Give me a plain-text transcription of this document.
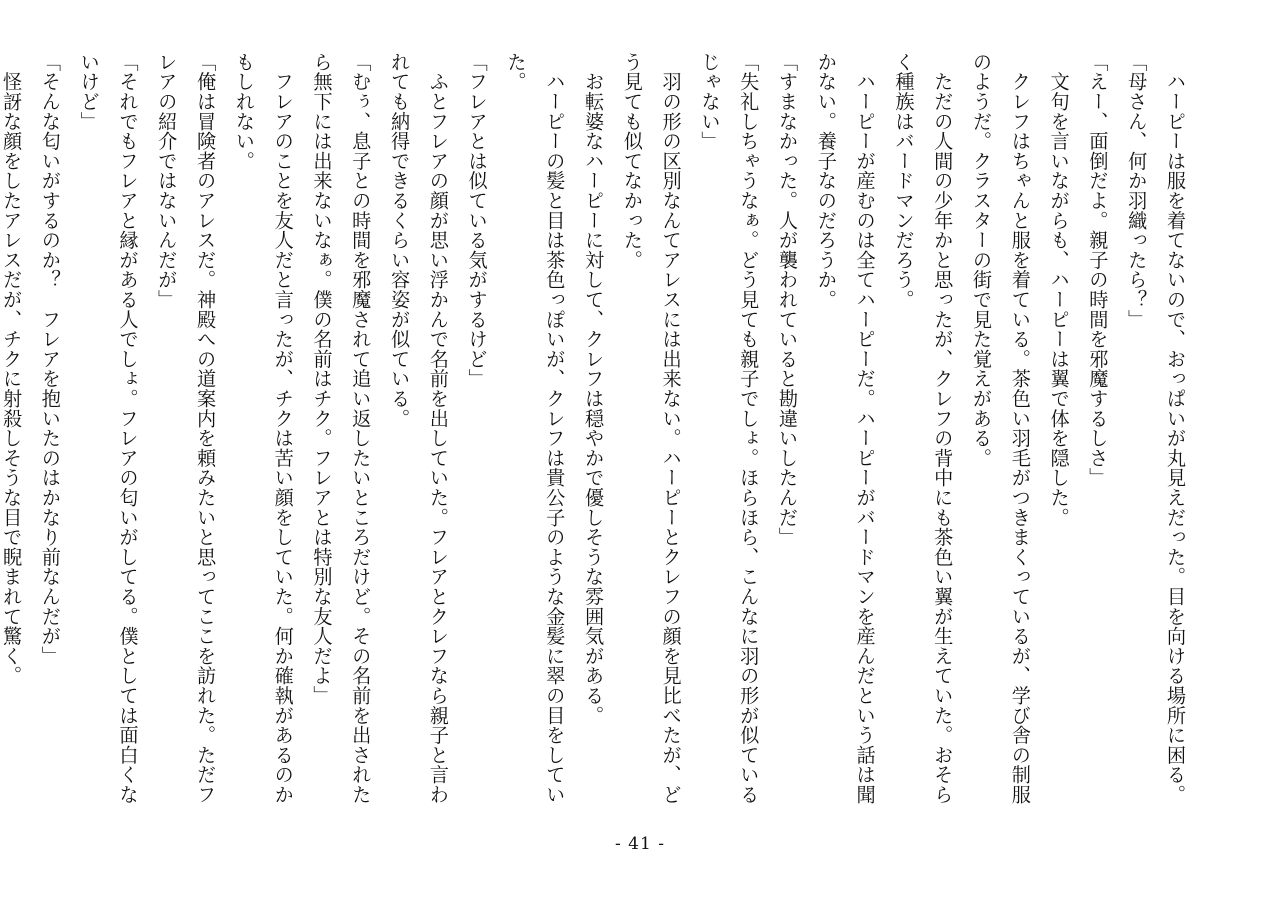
　ハーピーは服を着てないので、おっぱいが丸見えだった。目を向ける場所に困る。

「母さん、何か羽織ったら？」

「えー、面倒だよ。親子の時間を邪魔するしさ」

　文句を言いながらも、ハーピーは翼で体を隠した。

　クレフはちゃんと服を着ている。茶色い羽毛がつきまくっているが、学び舎の制服のようだ。クラスターの街で見た覚えがある。

　ただの人間の少年かと思ったが、クレフの背中にも茶色い翼が生えていた。おそらく種族はバードマンだろう。

　ハーピーが産むのは全てハーピーだ。ハーピーがバードマンを産んだという話は聞かない。養子なのだろうか。

「すまなかった。人が襲われていると勘違いしたんだ」

「失礼しちゃうなぁ。どう見ても親子でしょ。ほらほら、こんなに羽の形が似ているじゃない」

　羽の形の区別なんてアレスには出来ない。ハーピーとクレフの顔を見比べたが、どう見ても似てなかった。

　お転婆なハーピーに対して、クレフは穏やかで優しそうな雰囲気がある。

　ハーピーの髪と目は茶色っぽいが、クレフは貴公子のような金髪に翠の目をしていた。

「フレアとは似ている気がするけど」

　ふとフレアの顔が思い浮かんで名前を出していた。フレアとクレフなら親子と言われても納得できるくらい容姿が似ている。

「むぅ、息子との時間を邪魔されて追い返したいところだけど。その名前を出されたら無下には出来ないなぁ。僕の名前はチク。フレアとは特別な友人だよ」

　フレアのことを友人だと言ったが、チクは苦い顔をしていた。何か確執があるのかもしれない。

「俺は冒険者のアレスだ。神殿への道案内を頼みたいと思ってここを訪れた。ただフレアの紹介ではないんだが」

「それでもフレアと縁がある人でしょ。フレアの匂いがしてる。僕としては面白くないけど」

「そんな匂いがするのか？　フレアを抱いたのはかなり前なんだが」

　怪訝な顔をしたアレスだが、チクに射殺しそうな目で睨まれて驚く。

- 41 -
